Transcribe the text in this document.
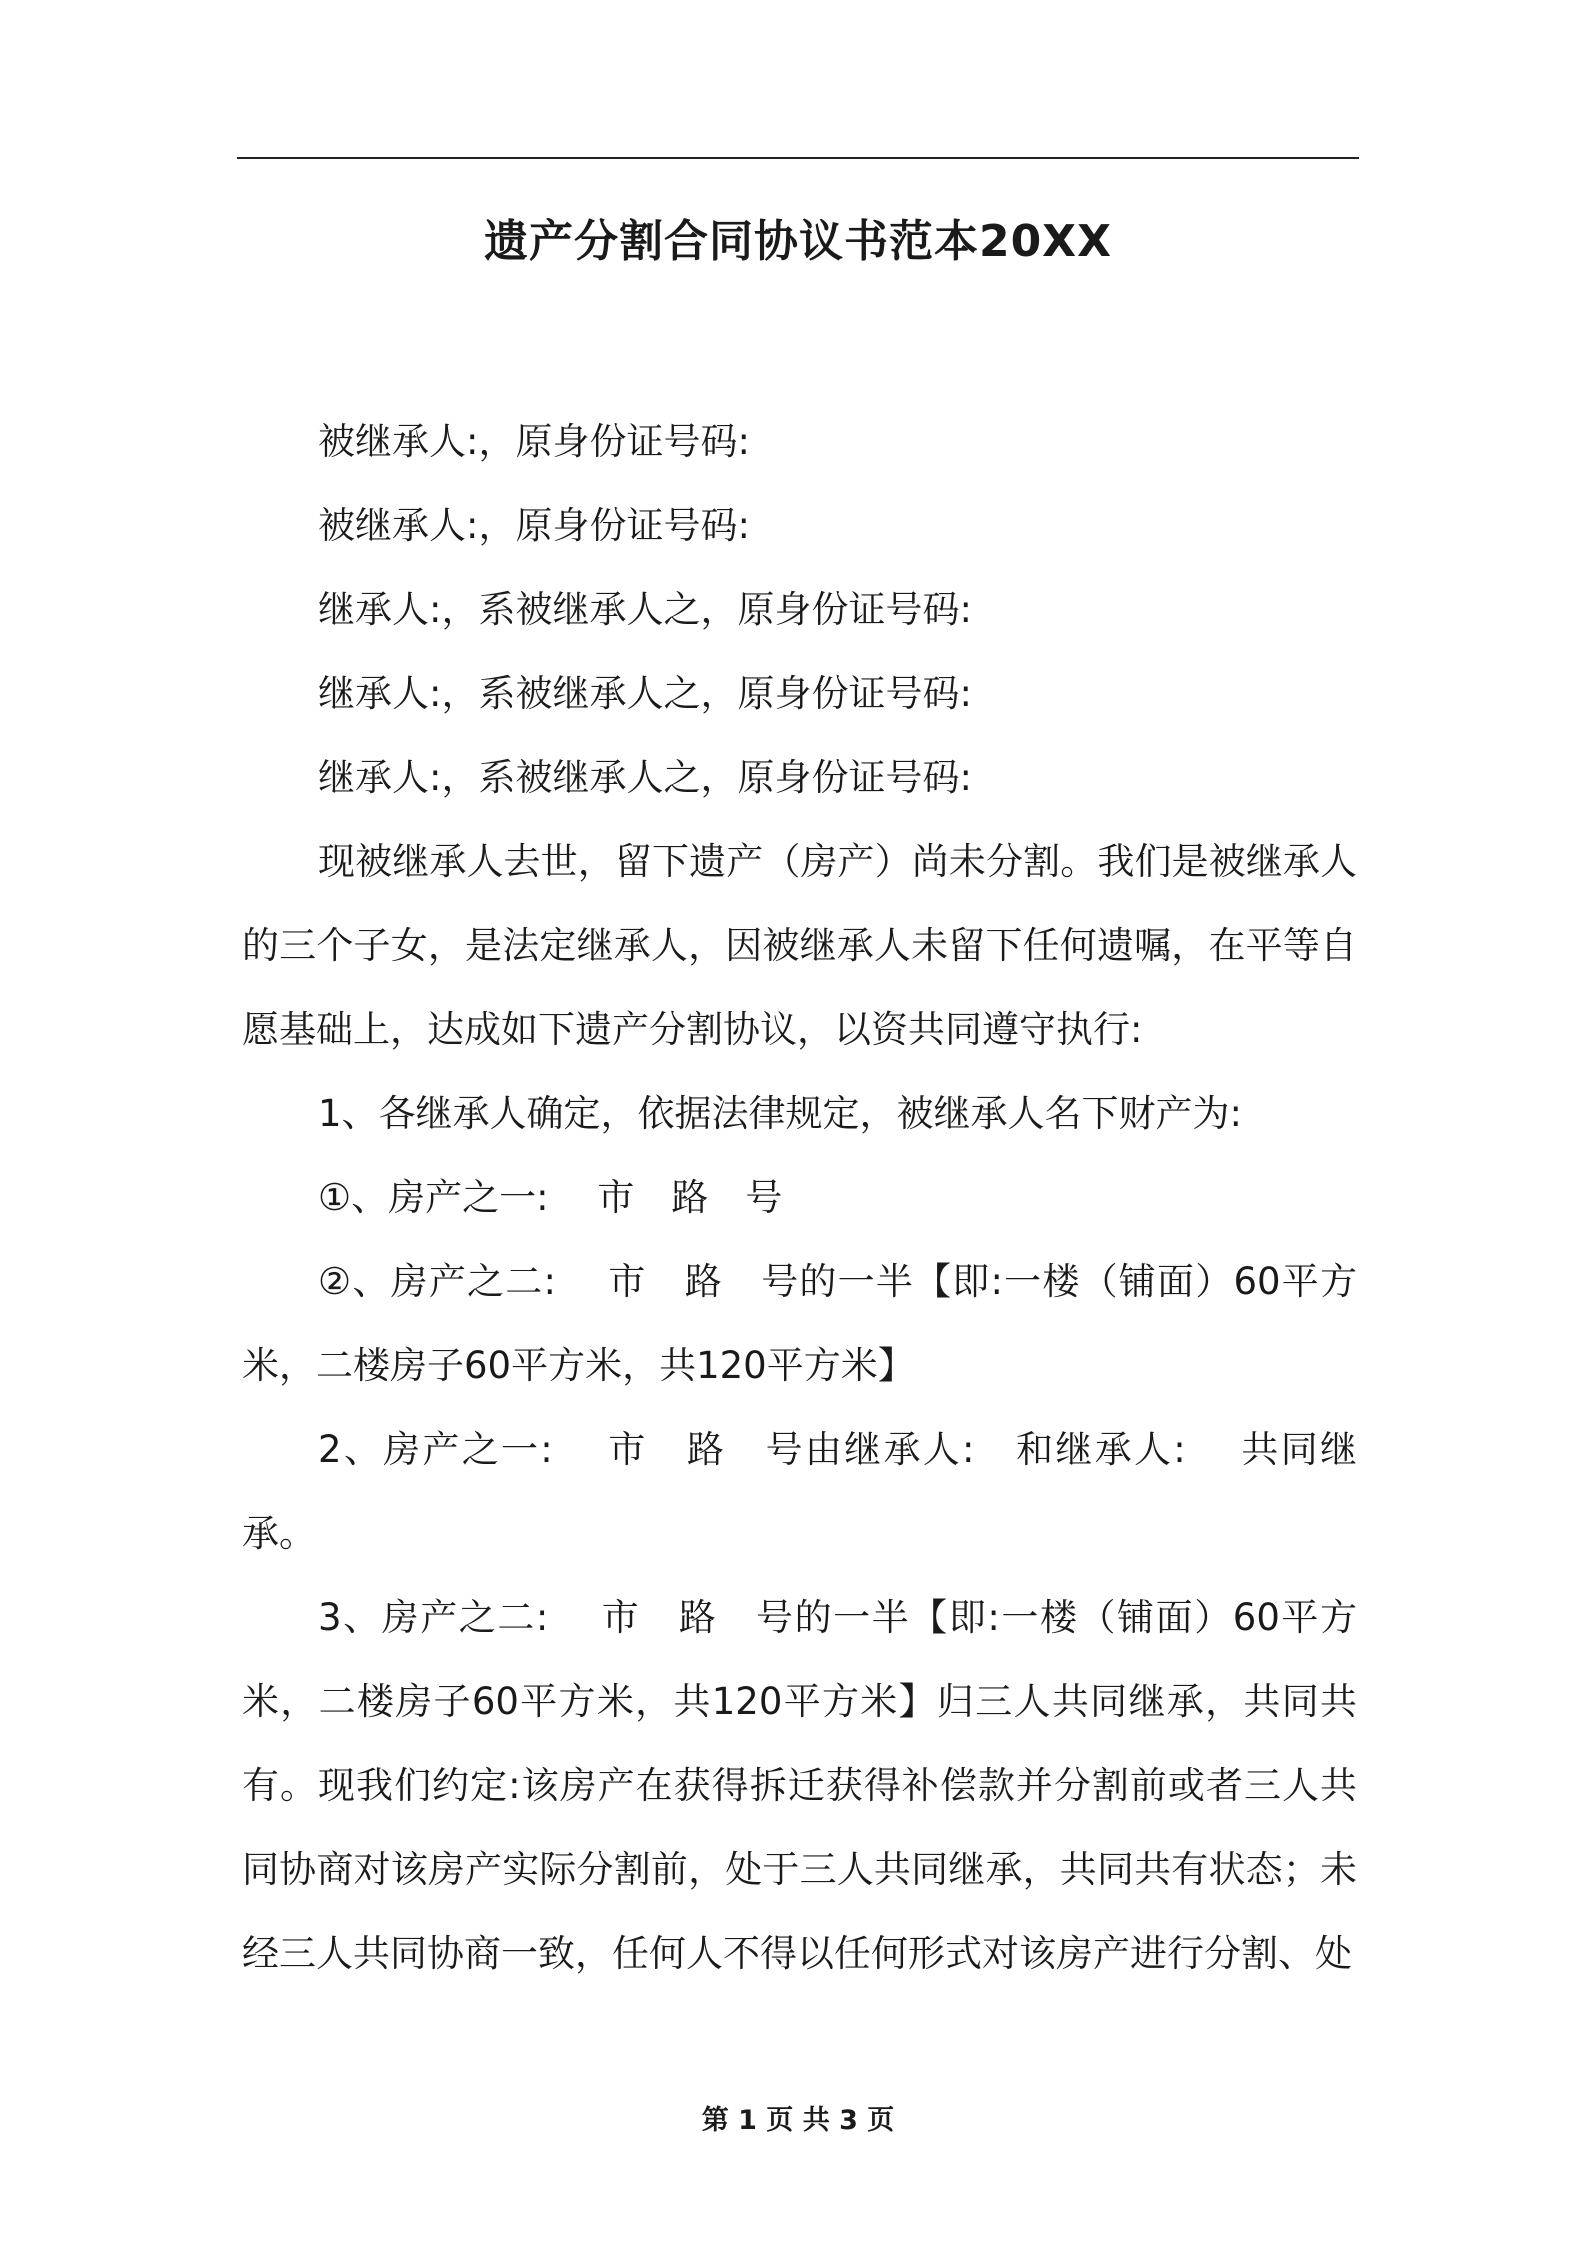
遗产分割合同协议书范本20XX

被继承人:，原身份证号码:

被继承人:，原身份证号码:

继承人:，系被继承人之，原身份证号码:

继承人:，系被继承人之，原身份证号码:

继承人:，系被继承人之，原身份证号码:

现被继承人去世，留下遗产（房产）尚未分割。我们是被继承人的三个子女，是法定继承人，因被继承人未留下任何遗嘱，在平等自愿基础上，达成如下遗产分割协议，以资共同遵守执行:

1、各继承人确定，依据法律规定，被继承人名下财产为:

①、房产之一:　 市　路　号

②、房产之二:　 市　路　号的一半【即:一楼（铺面）60平方米，二楼房子60平方米，共120平方米】

2、房产之一:　 市　路　号由继承人:　和继承人:　 共同继承。

3、房产之二:　 市　路　号的一半【即:一楼（铺面）60平方米，二楼房子60平方米，共120平方米】归三人共同继承，共同共有。现我们约定:该房产在获得拆迁获得补偿款并分割前或者三人共同协商对该房产实际分割前，处于三人共同继承，共同共有状态；未经三人共同协商一致，任何人不得以任何形式对该房产进行分割、处

第 1 页 共 3 页
